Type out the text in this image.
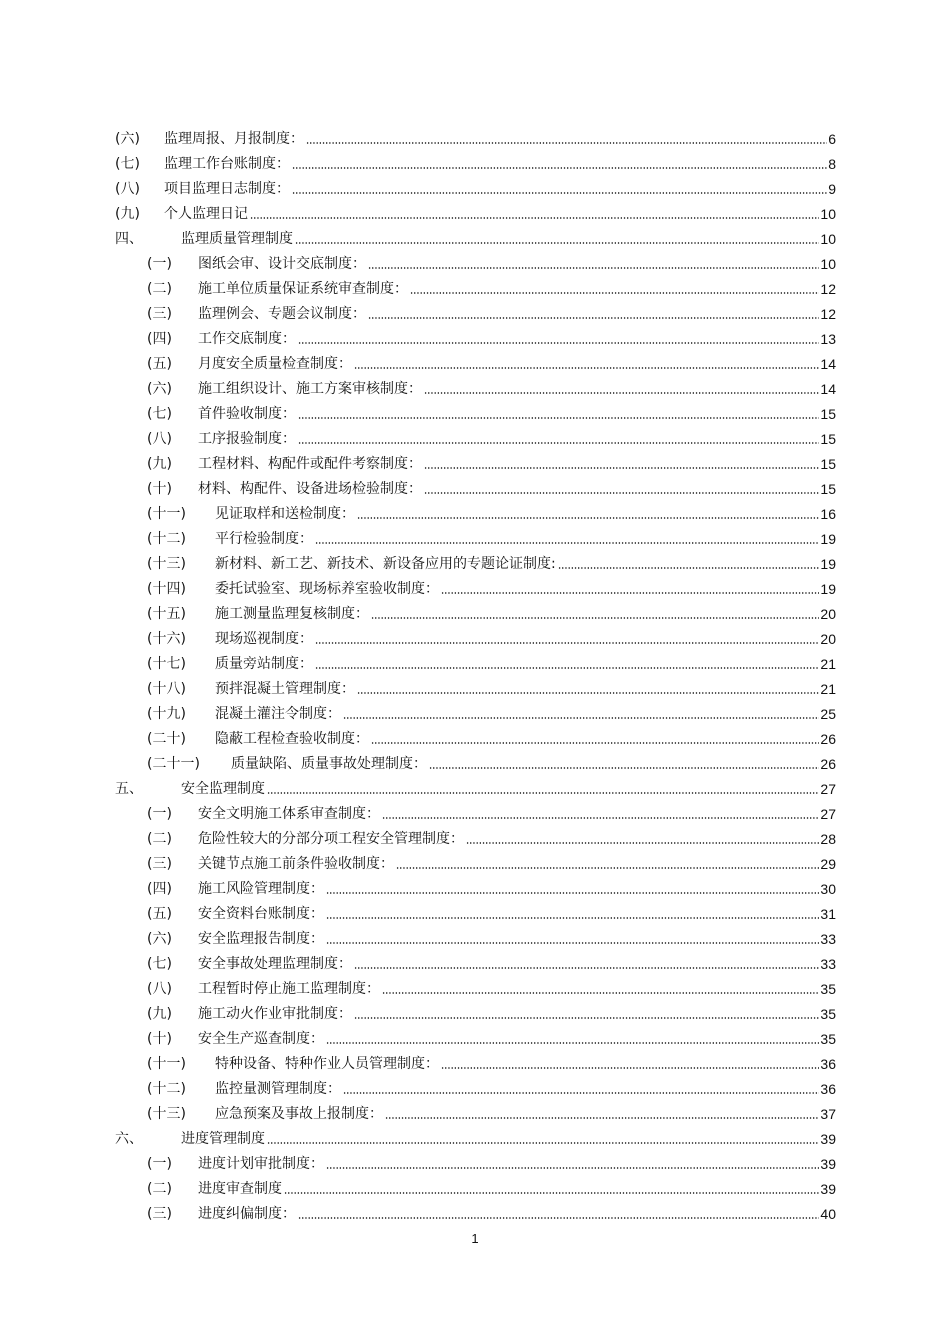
(六)	监理周报、月报制度：	6
(七)	监理工作台账制度：	8
(八)	项目监理日志制度：	9
(九)	个人监理日记	10
四、	监理质量管理制度	10
(一)	图纸会审、设计交底制度：	10
(二)	施工单位质量保证系统审查制度：	12
(三)	监理例会、专题会议制度：	12
(四)	工作交底制度：	13
(五)	月度安全质量检查制度：	14
(六)	施工组织设计、施工方案审核制度：	14
(七)	首件验收制度：	15
(八)	工序报验制度：	15
(九)	工程材料、构配件或配件考察制度：	15
(十)	材料、构配件、设备进场检验制度：	15
(十一)	见证取样和送检制度：	16
(十二)	平行检验制度：	19
(十三)	新材料、新工艺、新技术、新设备应用的专题论证制度:	19
(十四)	委托试验室、现场标养室验收制度：	19
(十五)	施工测量监理复核制度：	20
(十六)	现场巡视制度：	20
(十七)	质量旁站制度：	21
(十八)	预拌混凝土管理制度：	21
(十九)	混凝土灌注令制度：	25
(二十)	隐蔽工程检查验收制度：	26
(二十一)	质量缺陷、质量事故处理制度：	26
五、	安全监理制度	27
(一)	安全文明施工体系审查制度：	27
(二)	危险性较大的分部分项工程安全管理制度：	28
(三)	关键节点施工前条件验收制度：	29
(四)	施工风险管理制度：	30
(五)	安全资料台账制度：	31
(六)	安全监理报告制度：	33
(七)	安全事故处理监理制度：	33
(八)	工程暂时停止施工监理制度：	35
(九)	施工动火作业审批制度：	35
(十)	安全生产巡查制度：	35
(十一)	特种设备、特种作业人员管理制度：	36
(十二)	监控量测管理制度：	36
(十三)	应急预案及事故上报制度：	37
六、	进度管理制度	39
(一)	进度计划审批制度：	39
(二)	进度审查制度	39
(三)	进度纠偏制度：	40
1
